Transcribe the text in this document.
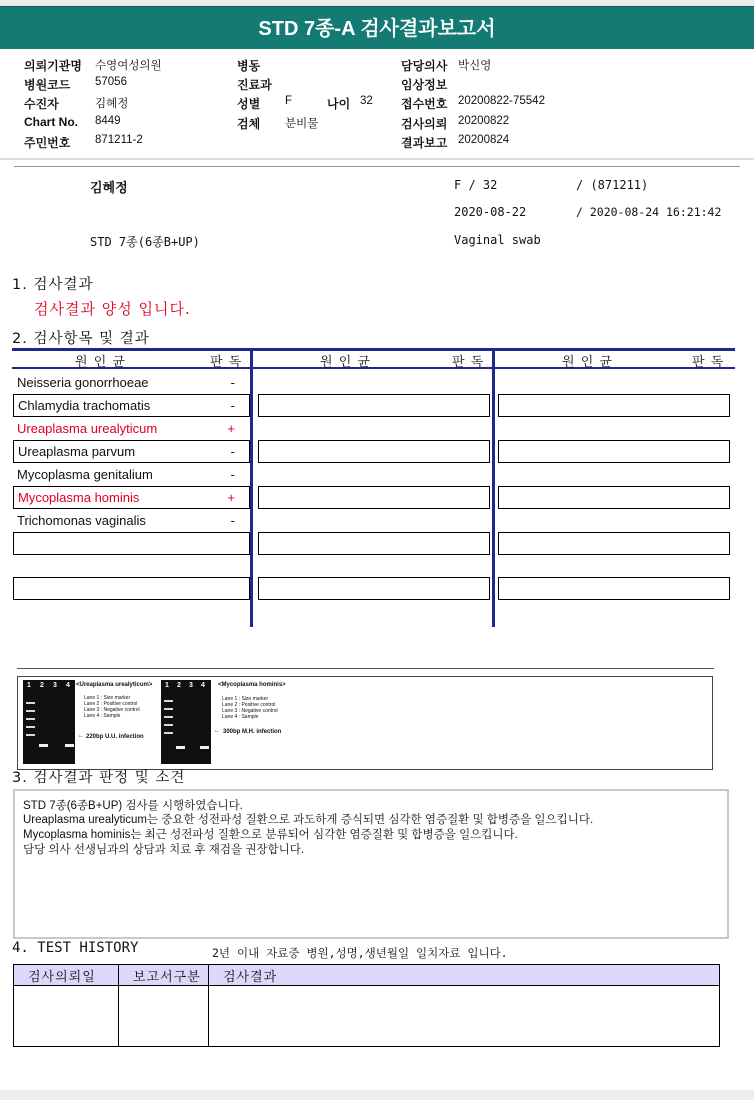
STD 7종-A 검사결과보고서
의뢰기관명 수영여성의원
병원코드 57056
수진자	김혜정
Chart No. 8449
주민번호 871211-2
병동
진료과
성별 F	나이 32
검체 분비물
담당의사 박신영
임상정보
접수번호 20200822-75542
검사의뢰 20200822
결과보고 20200824
김혜정	F / 32	/ (871211)
2020-08-22	/ 2020-08-24 16:21:42
STD 7종(6종B+UP)	Vaginal swab
1. 검사결과
검사결과 양성 입니다.
2. 검사항목 및 결과
원 인 균	판 독	원 인 균	판 독	원 인 균	판 독
Neisseria gonorrhoeae	-
Chlamydia trachomatis	-
Ureaplasma urealyticum	+
Ureaplasma parvum	-
Mycoplasma genitalium	-
Mycoplasma hominis	+
Trichomonas vaginalis	-
1 2 3 4 <Ureaplasma urealyticum>
Lane 1 : Size marker
Lane 2 : Positive control
Lane 3 : Negative control
Lane 4 : Sample
← 220bp U.U. infection
1 2 3 4 <Mycoplasma hominis>
Lane 1 : Size marker
Lane 2 : Positive control
Lane 3 : Negative control
Lane 4 : Sample
← 300bp M.H. infection
3. 검사결과 판정 및 소견
STD 7종(6종B+UP) 검사를 시행하였습니다.
Ureaplasma urealyticum는 중요한 성전파성 질환으로 과도하게 증식되면 심각한 염증질환 및 합병증을 일으킵니다.
Mycoplasma hominis는 최근 성전파성 질환으로 분류되어 심각한 염증질환 및 합병증을 일으킵니다.
담당 의사 선생님과의 상담과 치료 후 재검을 권장합니다.
4. TEST HISTORY	2년 이내 자료중 병원,성명,생년월일 일치자료 입니다.
검사의뢰일	보고서구분	검사결과
